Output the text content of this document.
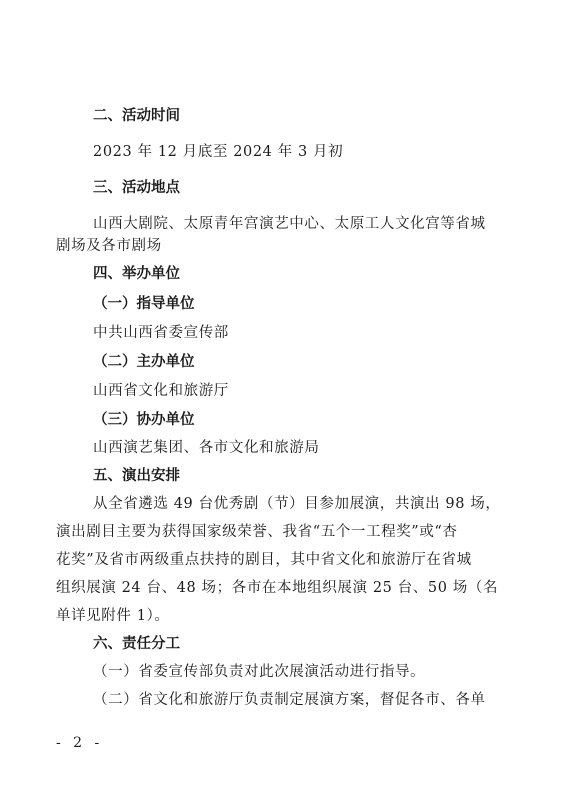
二、活动时间
2023 年 12 月底至 2024 年 3 月初
三、活动地点
山西大剧院、太原青年宫演艺中心、太原工人文化宫等省城
剧场及各市剧场
四、举办单位
（一）指导单位
中共山西省委宣传部
（二）主办单位
山西省文化和旅游厅
（三）协办单位
山西演艺集团、各市文化和旅游局
五、演出安排
从全省遴选 49 台优秀剧（节）目参加展演，共演出 98 场，
演出剧目主要为获得国家级荣誉、我省“五个一工程奖”或“杏
花奖”及省市两级重点扶持的剧目，其中省文化和旅游厅在省城
组织展演 24 台、48 场；各市在本地组织展演 25 台、50 场（名
单详见附件 1）。
六、责任分工
（一）省委宣传部负责对此次展演活动进行指导。
（二）省文化和旅游厅负责制定展演方案，督促各市、各单
- 2 -
